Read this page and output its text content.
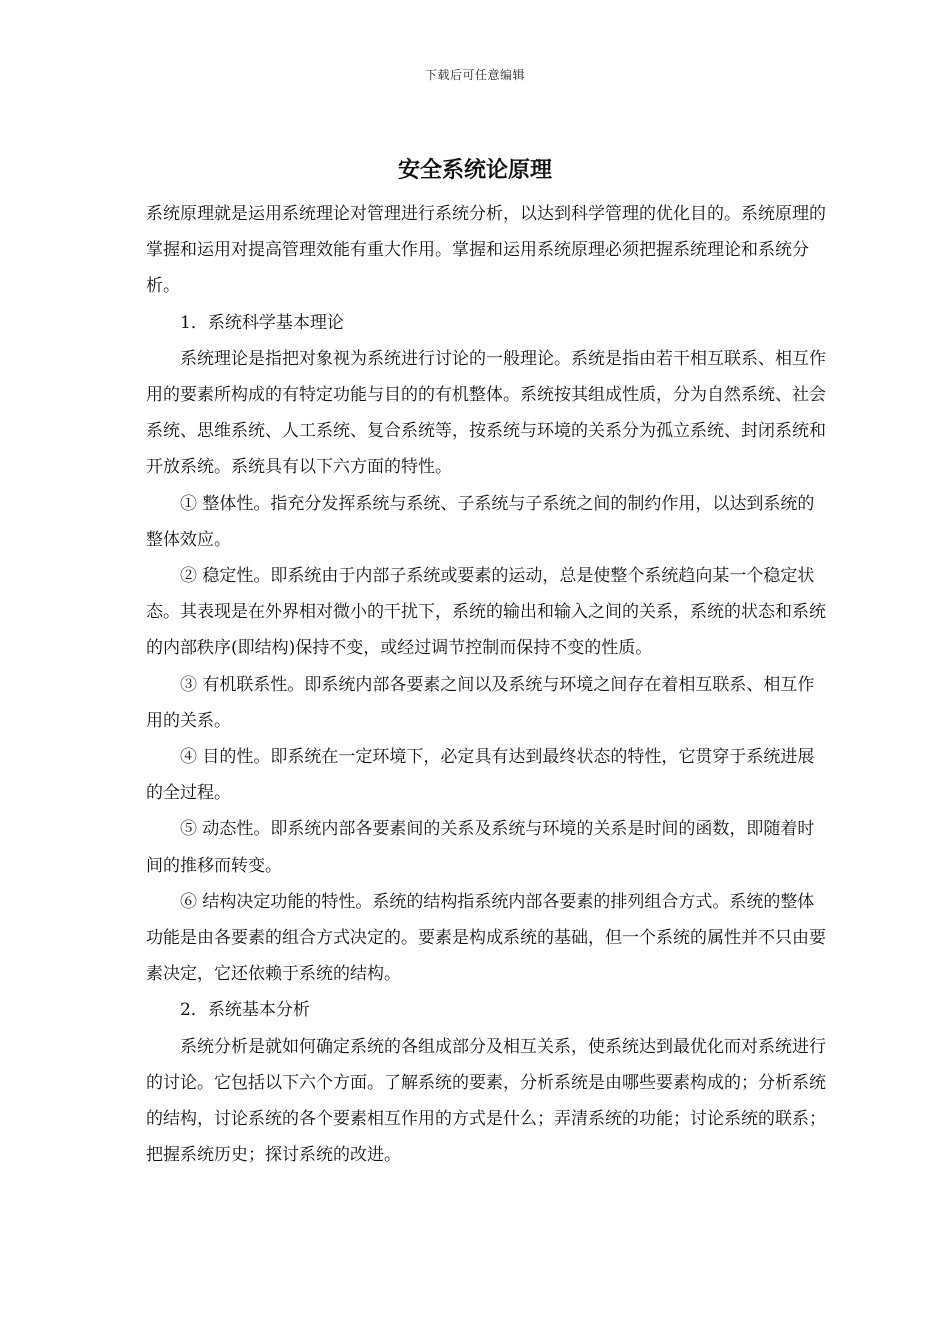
下载后可任意编辑
安全系统论原理

系统原理就是运用系统理论对管理进行系统分析，以达到科学管理的优化目的。系统原理的掌握和运用对提高管理效能有重大作用。掌握和运用系统原理必须把握系统理论和系统分析。

1．系统科学基本理论

系统理论是指把对象视为系统进行讨论的一般理论。系统是指由若干相互联系、相互作用的要素所构成的有特定功能与目的的有机整体。系统按其组成性质，分为自然系统、社会系统、思维系统、人工系统、复合系统等，按系统与环境的关系分为孤立系统、封闭系统和开放系统。系统具有以下六方面的特性。

① 整体性。指充分发挥系统与系统、子系统与子系统之间的制约作用，以达到系统的整体效应。

② 稳定性。即系统由于内部子系统或要素的运动，总是使整个系统趋向某一个稳定状态。其表现是在外界相对微小的干扰下，系统的输出和输入之间的关系，系统的状态和系统的内部秩序(即结构)保持不变，或经过调节控制而保持不变的性质。

③ 有机联系性。即系统内部各要素之间以及系统与环境之间存在着相互联系、相互作用的关系。

④ 目的性。即系统在一定环境下，必定具有达到最终状态的特性，它贯穿于系统进展的全过程。

⑤ 动态性。即系统内部各要素间的关系及系统与环境的关系是时间的函数，即随着时间的推移而转变。

⑥ 结构决定功能的特性。系统的结构指系统内部各要素的排列组合方式。系统的整体功能是由各要素的组合方式决定的。要素是构成系统的基础，但一个系统的属性并不只由要素决定，它还依赖于系统的结构。

2．系统基本分析

系统分析是就如何确定系统的各组成部分及相互关系，使系统达到最优化而对系统进行的讨论。它包括以下六个方面。了解系统的要素，分析系统是由哪些要素构成的；分析系统的结构，讨论系统的各个要素相互作用的方式是什么；弄清系统的功能；讨论系统的联系；把握系统历史；探讨系统的改进。
